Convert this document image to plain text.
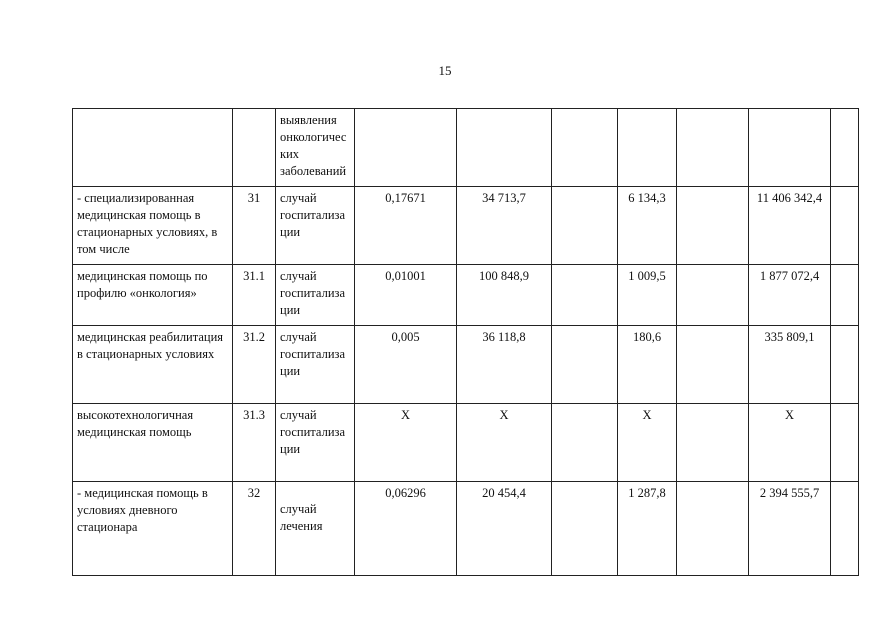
15
		выявления онкологичес ких заболеваний							
- специализированная медицинская помощь в стационарных условиях, в том числе	31	случай госпитализа ции	0,17671	34 713,7		6 134,3		11 406 342,4	
медицинская помощь по профилю «онкология»	31.1	случай госпитализа ции	0,01001	100 848,9		1 009,5		1 877 072,4	
медицинская реабилитация в стационарных условиях	31.2	случай госпитализа ции	0,005	36 118,8		180,6		335 809,1	
высокотехнологичная медицинская помощь	31.3	случай госпитализа ции	X	X		X		X	
- медицинская помощь в условиях дневного стационара	32	случай лечения	0,06296	20 454,4		1 287,8		2 394 555,7	
